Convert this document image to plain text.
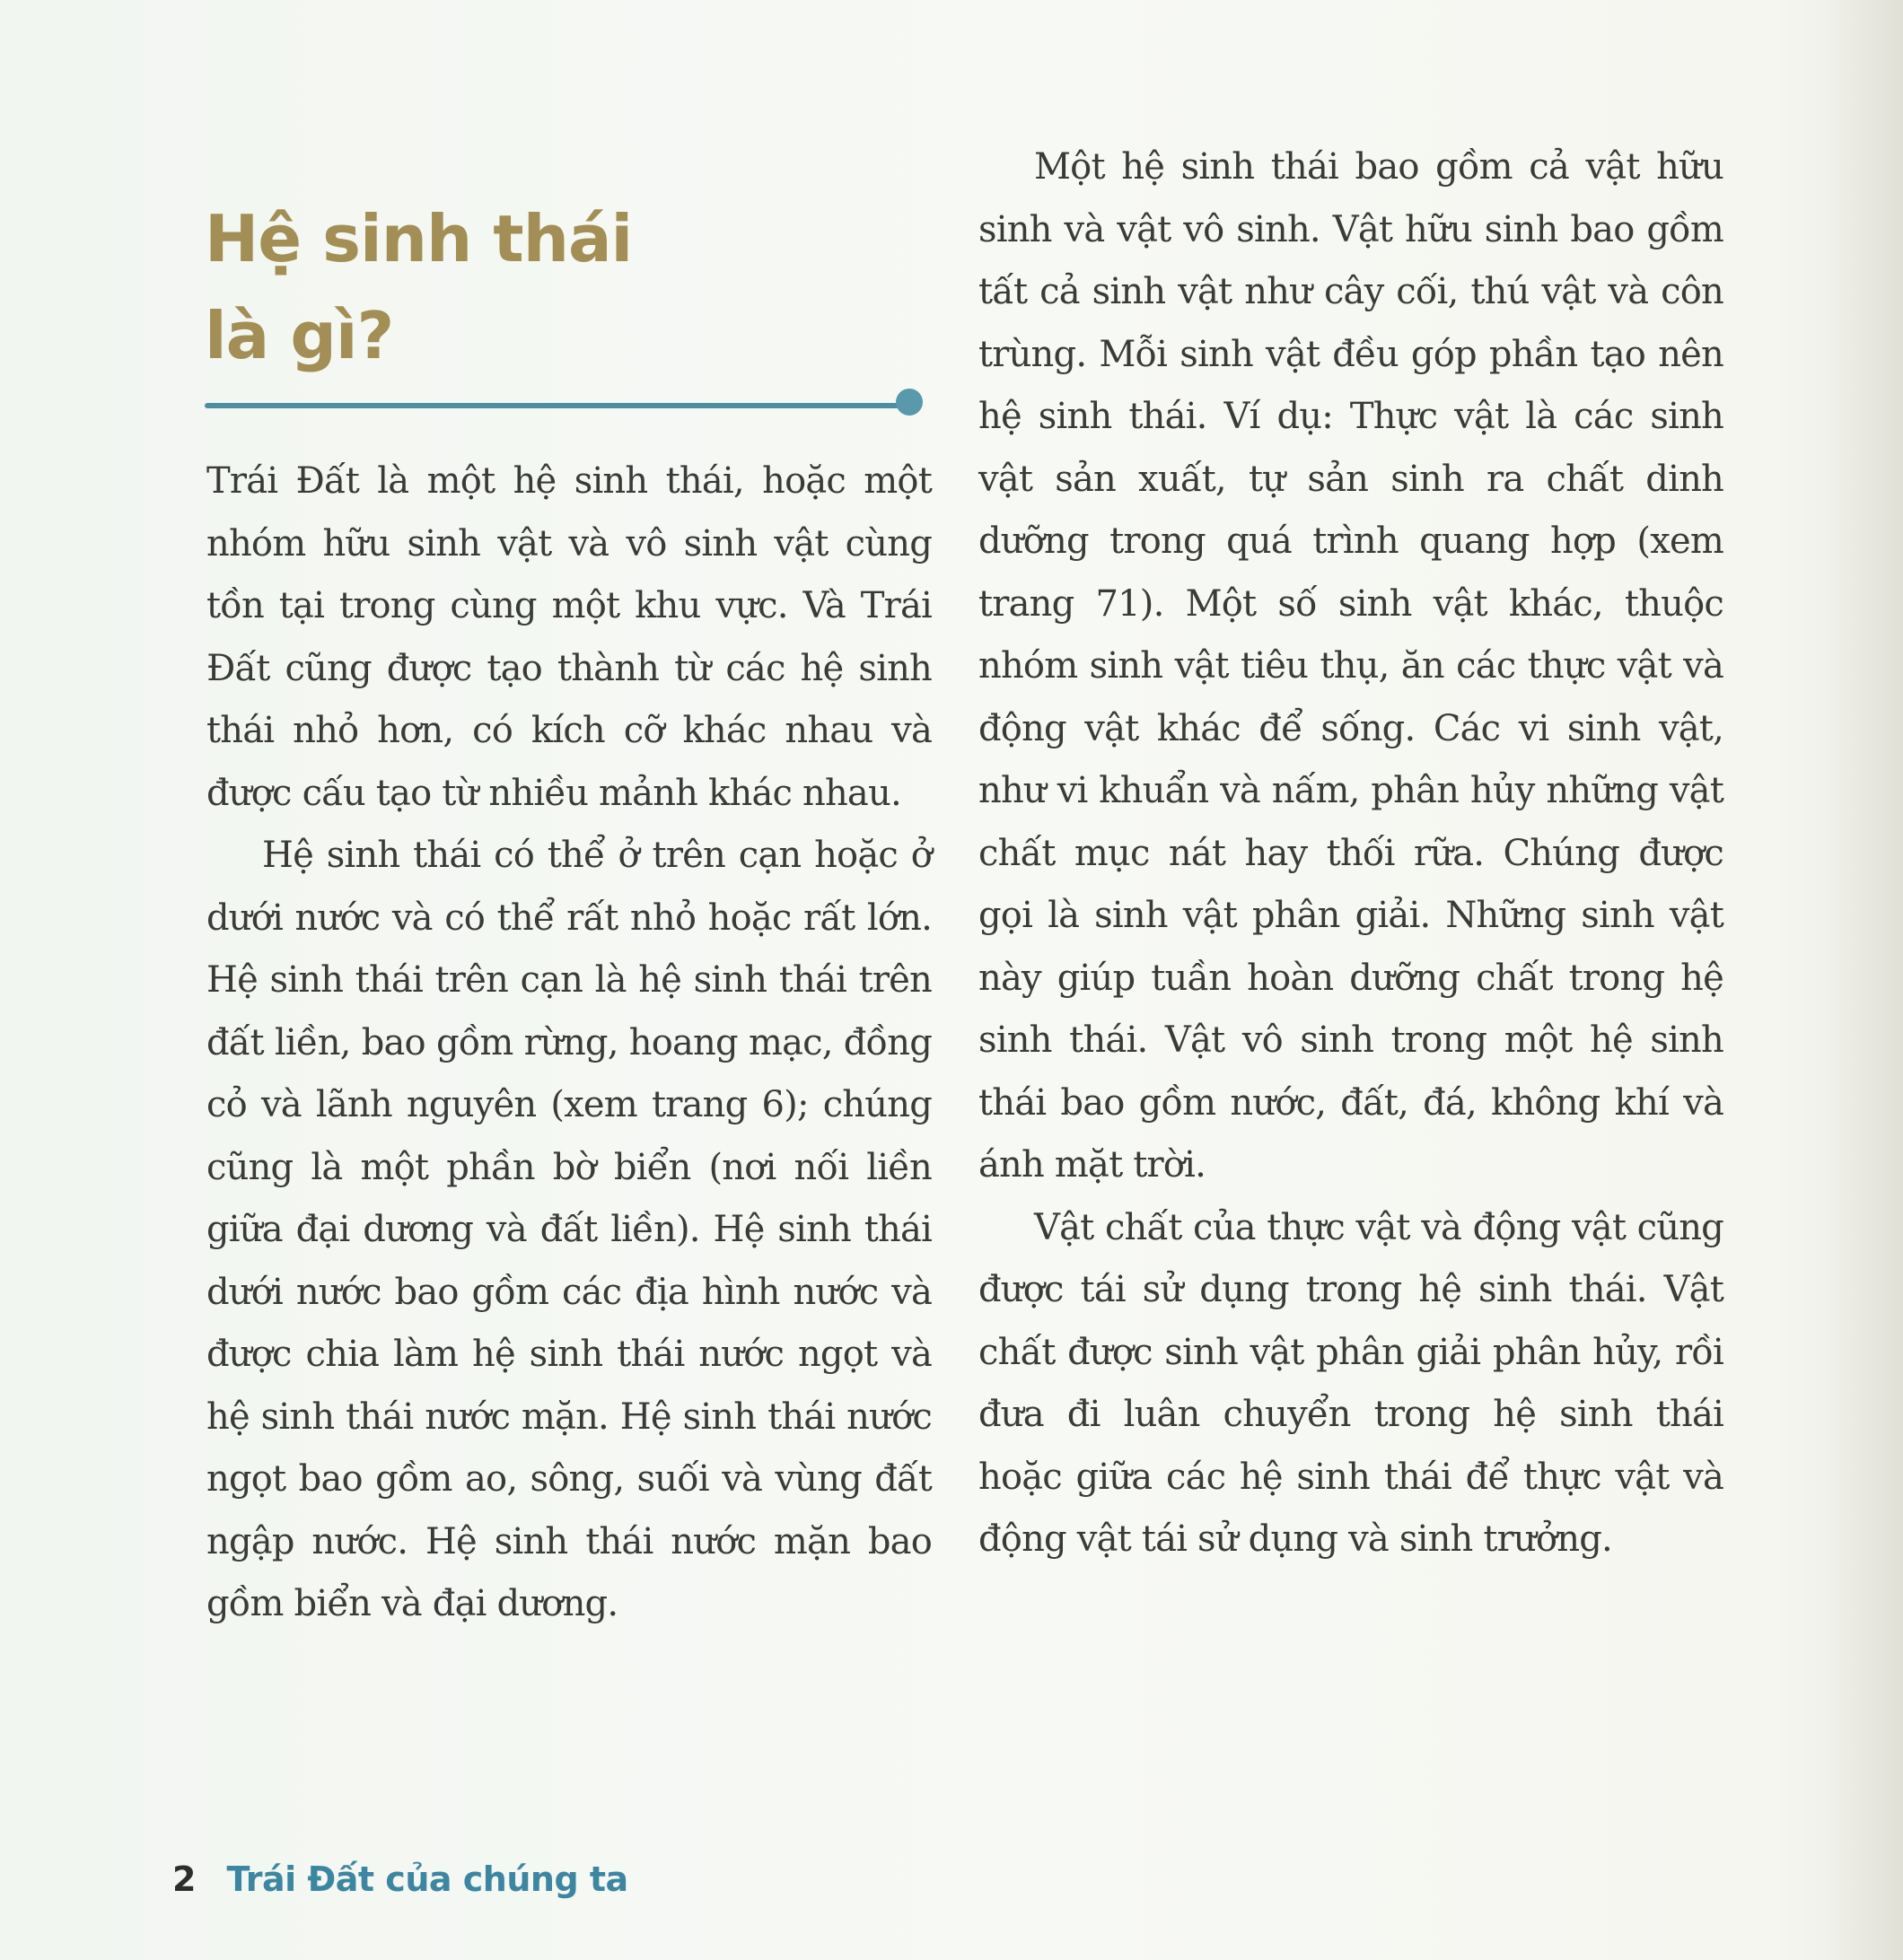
Hệ sinh thái
là gì?

Trái Đất là một hệ sinh thái, hoặc một nhóm hữu sinh vật và vô sinh vật cùng tồn tại trong cùng một khu vực. Và Trái Đất cũng được tạo thành từ các hệ sinh thái nhỏ hơn, có kích cỡ khác nhau và được cấu tạo từ nhiều mảnh khác nhau.

Hệ sinh thái có thể ở trên cạn hoặc ở dưới nước và có thể rất nhỏ hoặc rất lớn. Hệ sinh thái trên cạn là hệ sinh thái trên đất liền, bao gồm rừng, hoang mạc, đồng cỏ và lãnh nguyên (xem trang 6); chúng cũng là một phần bờ biển (nơi nối liền giữa đại dương và đất liền). Hệ sinh thái dưới nước bao gồm các địa hình nước và được chia làm hệ sinh thái nước ngọt và hệ sinh thái nước mặn. Hệ sinh thái nước ngọt bao gồm ao, sông, suối và vùng đất ngập nước. Hệ sinh thái nước mặn bao gồm biển và đại dương.

Một hệ sinh thái bao gồm cả vật hữu sinh và vật vô sinh. Vật hữu sinh bao gồm tất cả sinh vật như cây cối, thú vật và côn trùng. Mỗi sinh vật đều góp phần tạo nên hệ sinh thái. Ví dụ: Thực vật là các sinh vật sản xuất, tự sản sinh ra chất dinh dưỡng trong quá trình quang hợp (xem trang 71). Một số sinh vật khác, thuộc nhóm sinh vật tiêu thụ, ăn các thực vật và động vật khác để sống. Các vi sinh vật, như vi khuẩn và nấm, phân hủy những vật chất mục nát hay thối rữa. Chúng được gọi là sinh vật phân giải. Những sinh vật này giúp tuần hoàn dưỡng chất trong hệ sinh thái. Vật vô sinh trong một hệ sinh thái bao gồm nước, đất, đá, không khí và ánh mặt trời.

Vật chất của thực vật và động vật cũng được tái sử dụng trong hệ sinh thái. Vật chất được sinh vật phân giải phân hủy, rồi đưa đi luân chuyển trong hệ sinh thái hoặc giữa các hệ sinh thái để thực vật và động vật tái sử dụng và sinh trưởng.

2 Trái Đất của chúng ta
